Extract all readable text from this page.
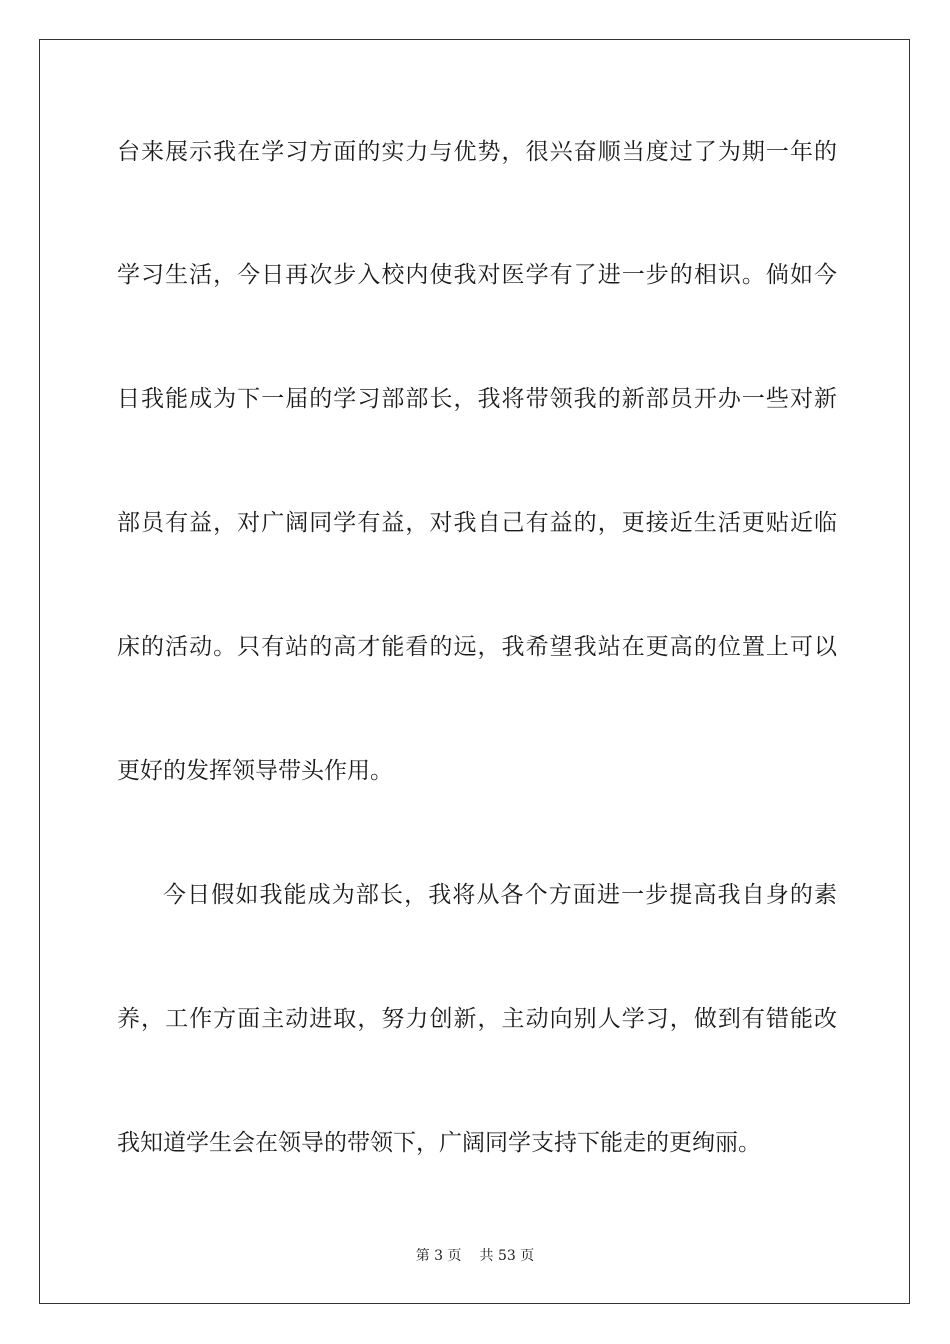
台来展示我在学习方面的实力与优势，很兴奋顺当度过了为期一年的

学习生活，今日再次步入校内使我对医学有了进一步的相识。倘如今

日我能成为下一届的学习部部长，我将带领我的新部员开办一些对新

部员有益，对广阔同学有益，对我自己有益的，更接近生活更贴近临

床的活动。只有站的高才能看的远，我希望我站在更高的位置上可以

更好的发挥领导带头作用。

今日假如我能成为部长，我将从各个方面进一步提高我自身的素

养，工作方面主动进取，努力创新，主动向别人学习，做到有错能改

我知道学生会在领导的带领下，广阔同学支持下能走的更绚丽。

第 3 页 共 53 页
